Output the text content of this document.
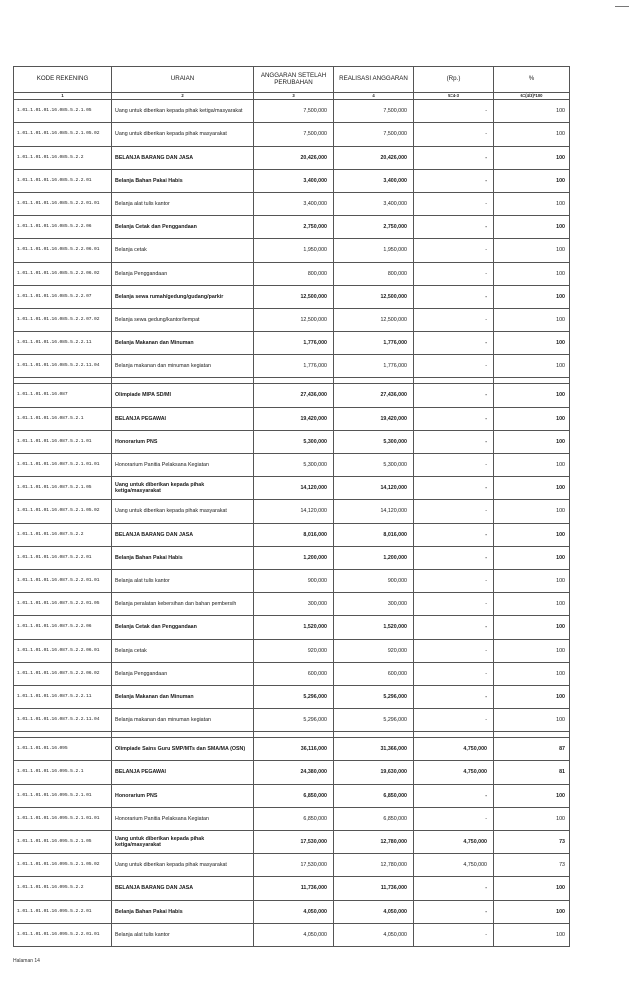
KODE REKENING	URAIAN	ANGGARAN SETELAH PERUBAHAN	REALISASI ANGGARAN	(Rp.)	%
1	2	3	4	5=4-3	6=(4/3)*100
1.01.1.01.01.16.085.5.2.1.05	Uang untuk diberikan kepada pihak ketiga/masyarakat	7,500,000	7,500,000	-	100
1.01.1.01.01.16.085.5.2.1.05.02	Uang untuk diberikan kepada pihak masyarakat	7,500,000	7,500,000	-	100
1.01.1.01.01.16.085.5.2.2	BELANJA BARANG DAN JASA	20,426,000	20,426,000	-	100
1.01.1.01.01.16.085.5.2.2.01	Belanja Bahan Pakai Habis	3,400,000	3,400,000	-	100
1.01.1.01.01.16.085.5.2.2.01.01	Belanja alat tulis kantor	3,400,000	3,400,000	-	100
1.01.1.01.01.16.085.5.2.2.06	Belanja Cetak dan Penggandaan	2,750,000	2,750,000	-	100
1.01.1.01.01.16.085.5.2.2.06.01	Belanja cetak	1,950,000	1,950,000	-	100
1.01.1.01.01.16.085.5.2.2.06.02	Belanja Penggandaan	800,000	800,000	-	100
1.01.1.01.01.16.085.5.2.2.07	Belanja sewa rumah/gedung/gudang/parkir	12,500,000	12,500,000	-	100
1.01.1.01.01.16.085.5.2.2.07.02	Belanja sewa gedung/kantor/tempat	12,500,000	12,500,000	-	100
1.01.1.01.01.16.085.5.2.2.11	Belanja Makanan dan Minuman	1,776,000	1,776,000	-	100
1.01.1.01.01.16.085.5.2.2.11.04	Belanja makanan dan minuman kegiatan	1,776,000	1,776,000	-	100

1.01.1.01.01.16.087	Olimpiade MIPA SD/MI	27,436,000	27,436,000	-	100
1.01.1.01.01.16.087.5.2.1	BELANJA PEGAWAI	19,420,000	19,420,000	-	100
1.01.1.01.01.16.087.5.2.1.01	Honorarium PNS	5,300,000	5,300,000	-	100
1.01.1.01.01.16.087.5.2.1.01.01	Honorarium Panitia Pelaksana Kegiatan	5,300,000	5,300,000	-	100
1.01.1.01.01.16.087.5.2.1.05	Uang untuk diberikan kepada pihak ketiga/masyarakat	14,120,000	14,120,000	-	100
1.01.1.01.01.16.087.5.2.1.05.02	Uang untuk diberikan kepada pihak masyarakat	14,120,000	14,120,000	-	100
1.01.1.01.01.16.087.5.2.2	BELANJA BARANG DAN JASA	8,016,000	8,016,000	-	100
1.01.1.01.01.16.087.5.2.2.01	Belanja Bahan Pakai Habis	1,200,000	1,200,000	-	100
1.01.1.01.01.16.087.5.2.2.01.01	Belanja alat tulis kantor	900,000	900,000	-	100
1.01.1.01.01.16.087.5.2.2.01.05	Belanja peralatan kebersihan dan bahan pembersih	300,000	300,000	-	100
1.01.1.01.01.16.087.5.2.2.06	Belanja Cetak dan Penggandaan	1,520,000	1,520,000	-	100
1.01.1.01.01.16.087.5.2.2.06.01	Belanja cetak	920,000	920,000	-	100
1.01.1.01.01.16.087.5.2.2.06.02	Belanja Penggandaan	600,000	600,000	-	100
1.01.1.01.01.16.087.5.2.2.11	Belanja Makanan dan Minuman	5,296,000	5,296,000	-	100
1.01.1.01.01.16.087.5.2.2.11.04	Belanja makanan dan minuman kegiatan	5,296,000	5,296,000	-	100

1.01.1.01.01.16.095	Olimpiade Sains Guru SMP/MTs dan SMA/MA (OSN)	36,116,000	31,366,000	4,750,000	87
1.01.1.01.01.16.095.5.2.1	BELANJA PEGAWAI	24,380,000	19,630,000	4,750,000	81
1.01.1.01.01.16.095.5.2.1.01	Honorarium PNS	6,850,000	6,850,000	-	100
1.01.1.01.01.16.095.5.2.1.01.01	Honorarium Panitia Pelaksana Kegiatan	6,850,000	6,850,000	-	100
1.01.1.01.01.16.095.5.2.1.05	Uang untuk diberikan kepada pihak ketiga/masyarakat	17,530,000	12,780,000	4,750,000	73
1.01.1.01.01.16.095.5.2.1.05.02	Uang untuk diberikan kepada pihak masyarakat	17,530,000	12,780,000	4,750,000	73
1.01.1.01.01.16.095.5.2.2	BELANJA BARANG DAN JASA	11,736,000	11,736,000	-	100
1.01.1.01.01.16.095.5.2.2.01	Belanja Bahan Pakai Habis	4,050,000	4,050,000	-	100
1.01.1.01.01.16.095.5.2.2.01.01	Belanja alat tulis kantor	4,050,000	4,050,000	-	100
Halaman 14
